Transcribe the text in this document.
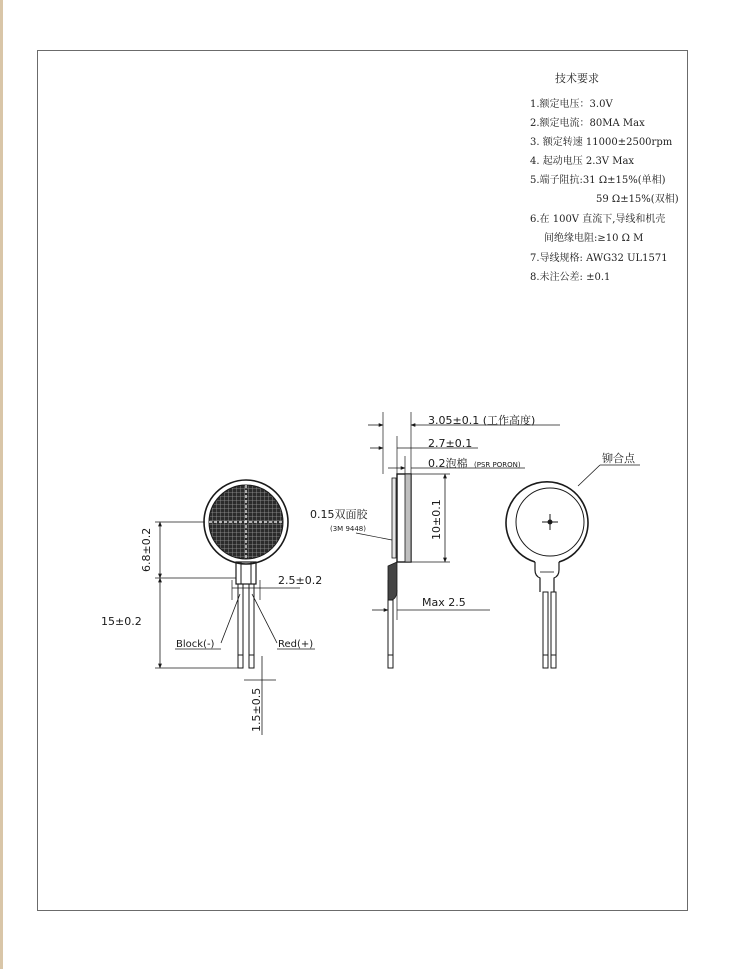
技术要求
1.额定电压：3.0V
2.额定电流：80MA Max
3. 额定转速 11000±2500rpm
4. 起动电压 2.3V Max
5.端子阻抗:31 Ω±15%(单相)
59 Ω±15%(双相)
6.在 100V 直流下,导线和机壳
间绝缘电阻:≥10 Ω M
7.导线规格: AWG32 UL1571
8.未注公差: ±0.1
6.8±0.2
15±0.2
2.5±0.2
1.5±0.5
Block(-)	Red(+)
3.05±0.1 (工作高度)
2.7±0.1
0.2泡棉 (PSR PORON)
0.15双面胶
(3M 9448)	10±0.1
Max 2.5
铆合点
